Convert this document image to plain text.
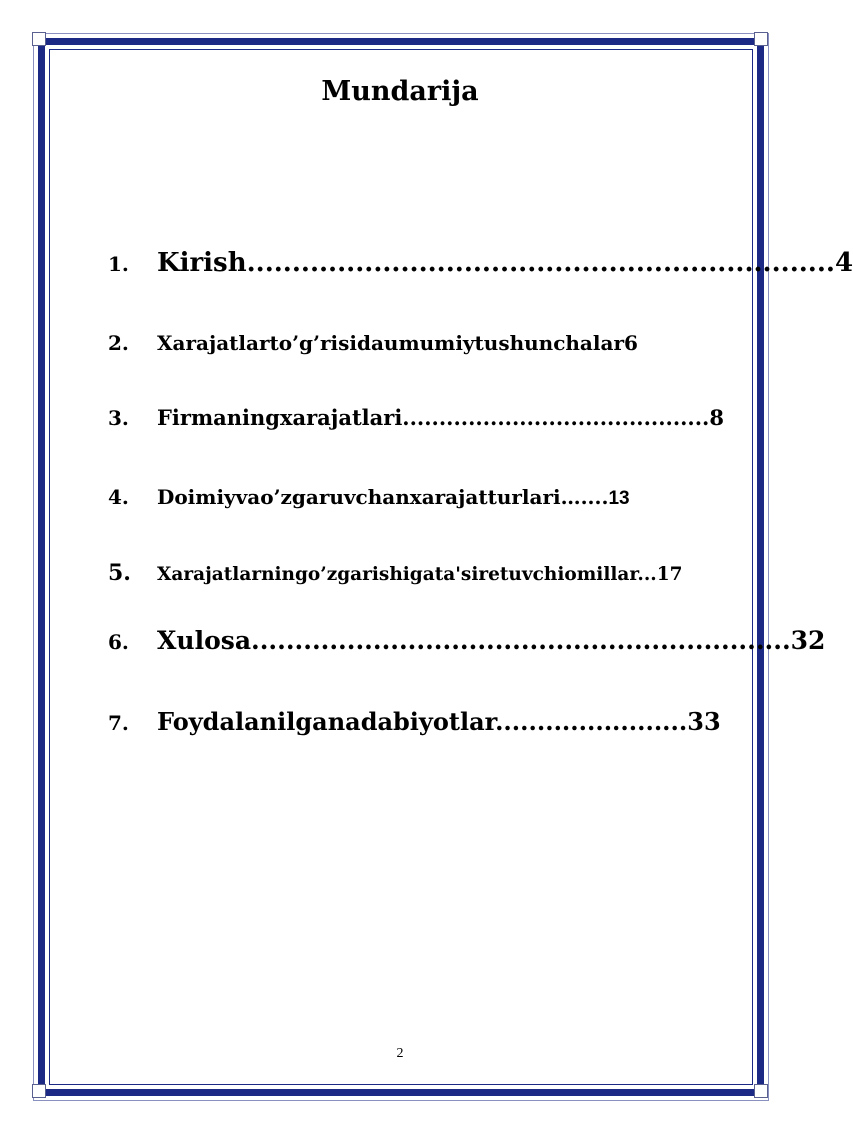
Mundarija
1.	Kirish................................................................. 4
2.	Xarajatlarto’g’risidaumumiytushunchalar 6
3.	Firmaningxarajatlari.......................................... 8
4.	Doimiyvao’zgaruvchanxarajatturlari….... 13
5.	Xarajatlarningo’zgarishigata'siretuvchiomillar... 17
6.	Xulosa.............................................................. 32
7.	Foydalanilganadabiyotlar....................... 33
2
